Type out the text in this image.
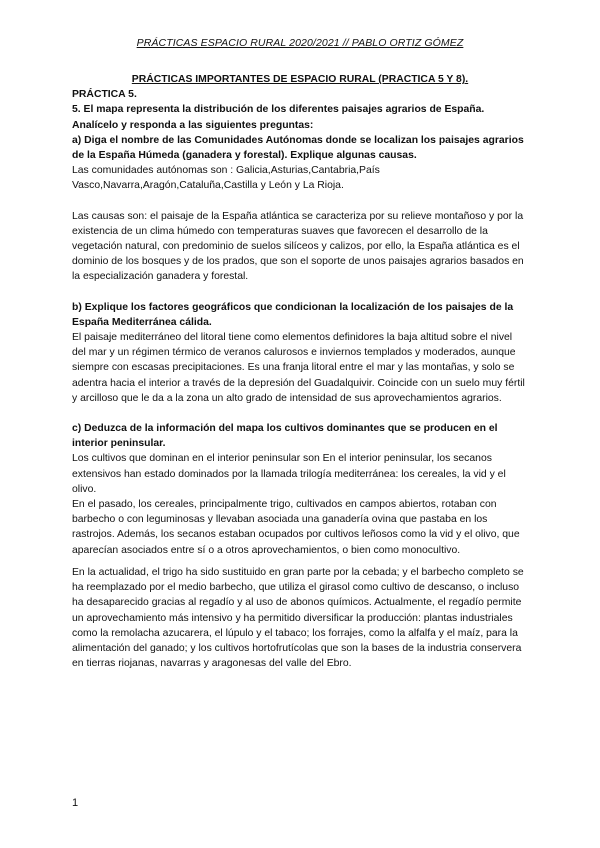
PRÁCTICAS ESPACIO RURAL 2020/2021 // PABLO ORTIZ GÓMEZ

PRÁCTICAS IMPORTANTES DE ESPACIO RURAL (PRACTICA 5 Y 8).

PRÁCTICA 5.

5. El mapa representa la distribución de los diferentes paisajes agrarios de España. Analícelo y responda a las siguientes preguntas:

a) Diga el nombre de las Comunidades Autónomas donde se localizan los paisajes agrarios de la España Húmeda (ganadera y forestal). Explique algunas causas.

Las comunidades autónomas son : Galicia,Asturias,Cantabria,País Vasco,Navarra,Aragón,Cataluña,Castilla y León y La Rioja.

Las causas son: el paisaje de la España atlántica se caracteriza por su relieve montañoso y por la existencia de un clima húmedo con temperaturas suaves que favorecen el desarrollo de la vegetación natural, con predominio de suelos silíceos y calizos, por ello, la España atlántica es el dominio de los bosques y de los prados, que son el soporte de unos paisajes agrarios basados en la especialización ganadera y forestal.

b) Explique los factores geográficos que condicionan la localización de los paisajes de la España Mediterránea cálida.

El paisaje mediterráneo del litoral tiene como elementos definidores la baja altitud sobre el nivel del mar y un régimen térmico de veranos calurosos e inviernos templados y moderados, aunque siempre con escasas precipitaciones. Es una franja litoral entre el mar y las montañas, y solo se adentra hacia el interior a través de la depresión del Guadalquivir. Coincide con un suelo muy fértil y arcilloso que le da a la zona un alto grado de intensidad de sus aprovechamientos agrarios.

c) Deduzca de la información del mapa los cultivos dominantes que se producen en el interior peninsular.

Los cultivos que dominan en el interior peninsular son En el interior peninsular, los secanos extensivos han estado dominados por la llamada trilogía mediterránea: los cereales, la vid y el olivo.

En el pasado, los cereales, principalmente trigo, cultivados en campos abiertos, rotaban con barbecho o con leguminosas y llevaban asociada una ganadería ovina que pastaba en los rastrojos. Además, los secanos estaban ocupados por cultivos leñosos como la vid y el olivo, que aparecían asociados entre sí o a otros aprovechamientos, o bien como monocultivo.

En la actualidad, el trigo ha sido sustituido en gran parte por la cebada; y el barbecho completo se ha reemplazado por el medio barbecho, que utiliza el girasol como cultivo de descanso, o incluso ha desaparecido gracias al regadío y al uso de abonos químicos. Actualmente, el regadío permite un aprovechamiento más intensivo y ha permitido diversificar la producción: plantas industriales como la remolacha azucarera, el lúpulo y el tabaco; los forrajes, como la alfalfa y el maíz, para la alimentación del ganado; y los cultivos hortofrutícolas que son la bases de la industria conservera en tierras riojanas, navarras y aragonesas del valle del Ebro.

1
